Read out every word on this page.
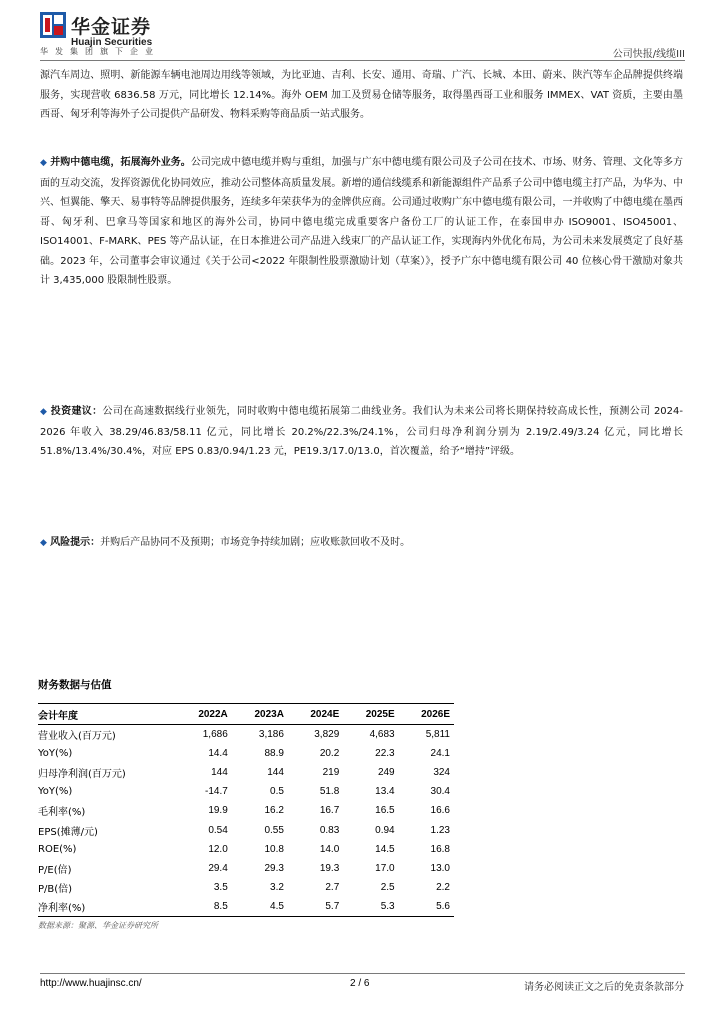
华金证券
Huajin Securities
华发集团旗下企业	公司快报/线缆III

源汽车周边、照明、新能源车辆电池周边用线等领域，为比亚迪、吉利、长安、通用、奇瑞、广汽、长城、本田、蔚来、陕汽等车企品牌提供终端服务，实现营收 6836.58 万元，同比增长 12.14%。海外 OEM 加工及贸易仓储等服务，取得墨西哥工业和服务 IMMEX、VAT 资质，主要由墨西哥、匈牙利等海外子公司提供产品研发、物料采购等商品质一站式服务。

◆ 并购中德电缆，拓展海外业务。公司完成中德电缆并购与重组，加强与广东中德电缆有限公司及子公司在技术、市场、财务、管理、文化等多方面的互动交流，发挥资源优化协同效应，推动公司整体高质量发展。新增的通信线缆系和新能源组件产品系子公司中德电缆主打产品，为华为、中兴、恒翼能、擎天、易事特等品牌提供服务，连续多年荣获华为的金牌供应商。公司通过收购广东中德电缆有限公司，一并收购了中德电缆在墨西哥、匈牙利、巴拿马等国家和地区的海外公司，协同中德电缆完成重要客户备份工厂的认证工作，在泰国申办 ISO9001、ISO45001、ISO14001、F-MARK、PES 等产品认证，在日本推进公司产品进入线束厂的产品认证工作，实现海内外优化布局，为公司未来发展奠定了良好基础。2023 年，公司董事会审议通过《关于公司<2022 年限制性股票激励计划（草案）》，授予广东中德电缆有限公司 40 位核心骨干激励对象共计 3,435,000 股限制性股票。

◆ 投资建议：公司在高速数据线行业领先，同时收购中德电缆拓展第二曲线业务。我们认为未来公司将长期保持较高成长性，预测公司 2024-2026 年收入 38.29/46.83/58.11 亿元，同比增长 20.2%/22.3%/24.1%，公司归母净利润分别为 2.19/2.49/3.24 亿元，同比增长 51.8%/13.4%/30.4%，对应 EPS 0.83/0.94/1.23 元，PE19.3/17.0/13.0，首次覆盖，给予“增持”评级。

◆ 风险提示：并购后产品协同不及预期；市场竞争持续加剧；应收账款回收不及时。

财务数据与估值
会计年度	2022A	2023A	2024E	2025E	2026E
营业收入(百万元)	1,686	3,186	3,829	4,683	5,811
YoY(%)	14.4	88.9	20.2	22.3	24.1
归母净利润(百万元)	144	144	219	249	324
YoY(%)	-14.7	0.5	51.8	13.4	30.4
毛利率(%)	19.9	16.2	16.7	16.5	16.6
EPS(摊薄/元)	0.54	0.55	0.83	0.94	1.23
ROE(%)	12.0	10.8	14.0	14.5	16.8
P/E(倍)	29.4	29.3	19.3	17.0	13.0
P/B(倍)	3.5	3.2	2.7	2.5	2.2
净利率(%)	8.5	4.5	5.7	5.3	5.6
数据来源：聚源、华金证券研究所
http://www.huajinsc.cn/	2 / 6	请务必阅读正文之后的免责条款部分
